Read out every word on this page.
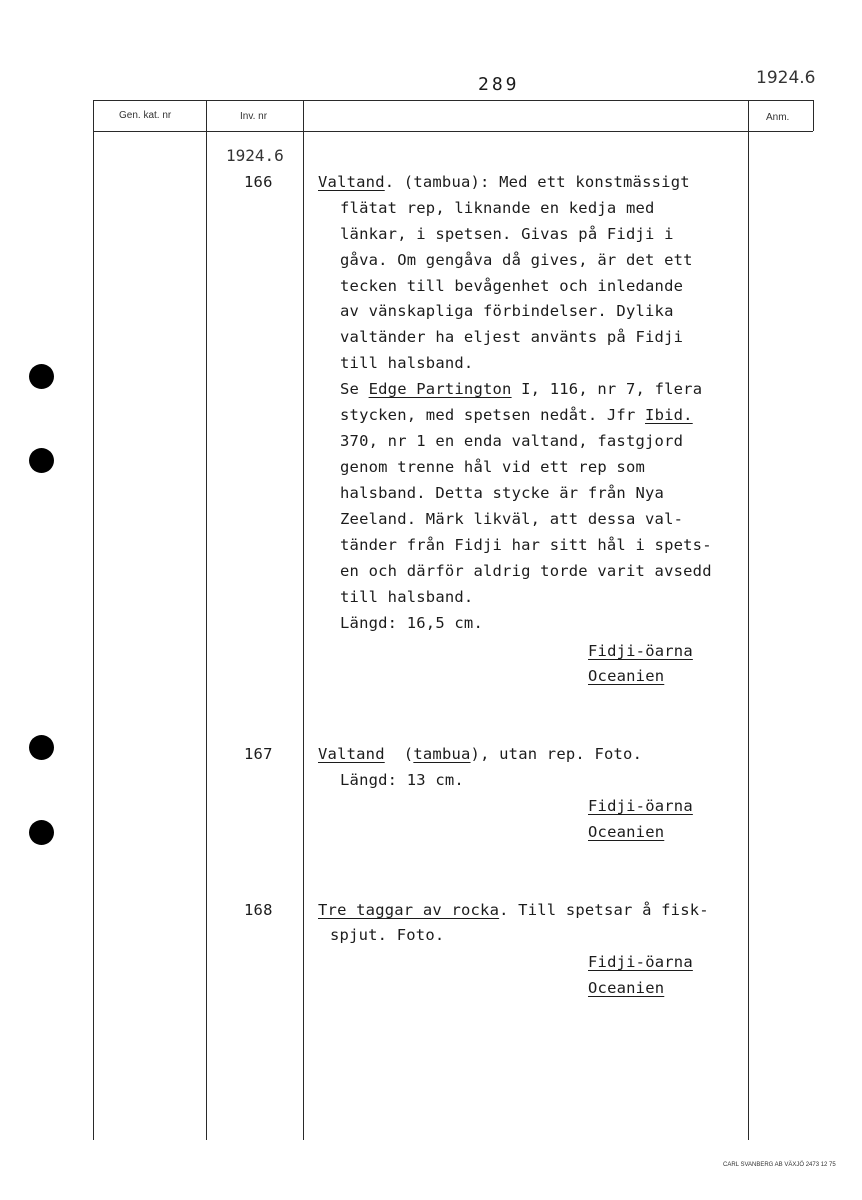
289	1924.6
Gen. kat. nr	Inv. nr	Anm.
1924.6
166	Valtand. (tambua): Med ett konstmässigt
flätat rep, liknande en kedja med
länkar, i spetsen. Givas på Fidji i
gåva. Om gengåva då gives, är det ett
tecken till bevågenhet och inledande
av vänskapliga förbindelser. Dylika
valtänder ha eljest använts på Fidji
till halsband.
Se Edge Partington I, 116, nr 7, flera
stycken, med spetsen nedåt. Jfr Ibid.
370, nr 1 en enda valtand, fastgjord
genom trenne hål vid ett rep som
halsband. Detta stycke är från Nya
Zeeland. Märk likväl, att dessa val-
tänder från Fidji har sitt hål i spets-
en och därför aldrig torde varit avsedd
till halsband.
Längd: 16,5 cm.
Fidji-öarna
Oceanien
167	Valtand  (tambua), utan rep. Foto.
Längd: 13 cm.
Fidji-öarna
Oceanien
168	Tre taggar av rocka. Till spetsar å fisk-
spjut. Foto.
Fidji-öarna
Oceanien
CARL SVANBERG AB VÄXJÖ 2473 12 75
